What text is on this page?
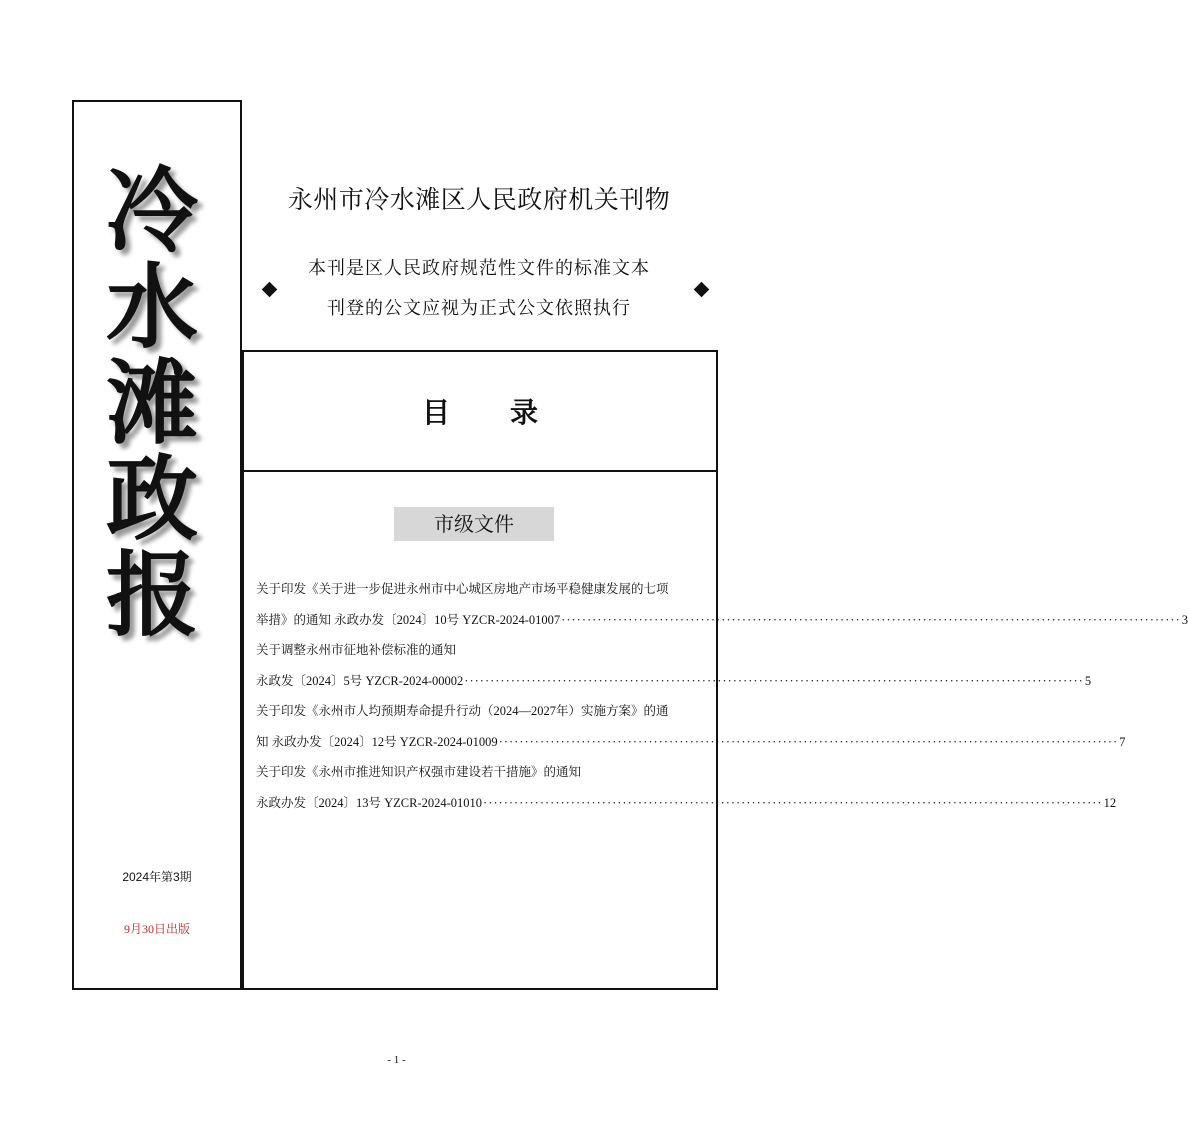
冷
水
滩
政
报
2024年第3期
9月30日出版
永州市冷水滩区人民政府机关刊物
本刊是区人民政府规范性文件的标准文本
刊登的公文应视为正式公文依照执行
目录
市级文件
关于印发《关于进一步促进永州市中心城区房地产市场平稳健康发展的七项
举措》的通知 永政办发〔2024〕10号 YZCR-2024-01007 ························································································································ 3
关于调整永州市征地补偿标准的通知
永政发〔2024〕5号 YZCR-2024-00002 ························································································································ 5
关于印发《永州市人均预期寿命提升行动（2024—2027年）实施方案》的通
知 永政办发〔2024〕12号 YZCR-2024-01009 ························································································································ 7
关于印发《永州市推进知识产权强市建设若干措施》的通知
永政办发〔2024〕13号 YZCR-2024-01010 ························································································································ 12
- 1 -
